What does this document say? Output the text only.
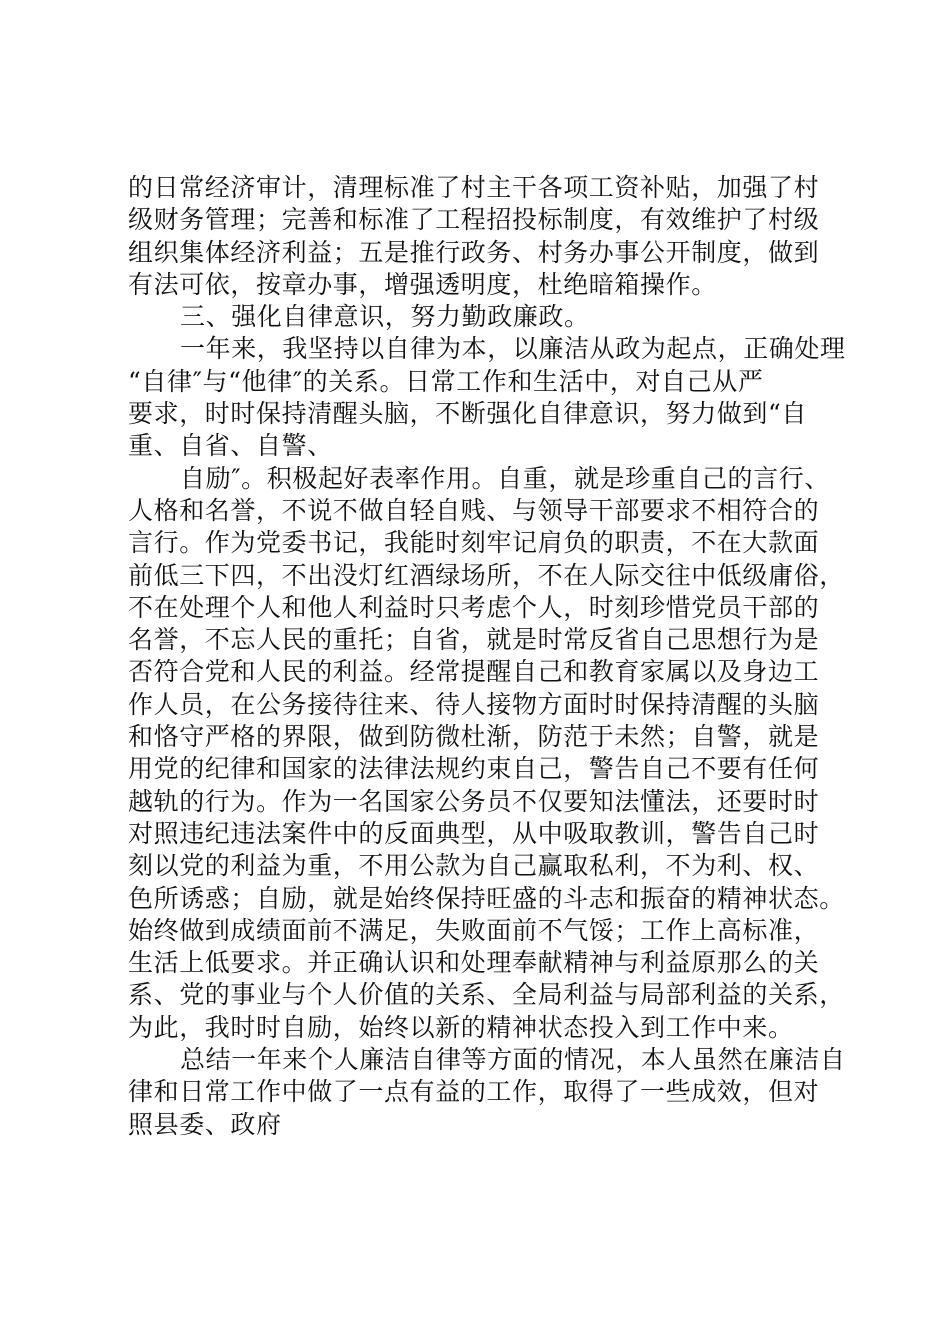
的日常经济审计，清理标准了村主干各项工资补贴，加强了村
级财务管理；完善和标准了工程招投标制度，有效维护了村级
组织集体经济利益；五是推行政务、村务办事公开制度，做到
有法可依，按章办事，增强透明度，杜绝暗箱操作。
三、强化自律意识，努力勤政廉政。
一年来，我坚持以自律为本，以廉洁从政为起点，正确处理
“自律″与“他律″的关系。日常工作和生活中，对自己从严
要求，时时保持清醒头脑，不断强化自律意识，努力做到“自
重、自省、自警、
自励″。积极起好表率作用。自重，就是珍重自己的言行、
人格和名誉，不说不做自轻自贱、与领导干部要求不相符合的
言行。作为党委书记，我能时刻牢记肩负的职责，不在大款面
前低三下四，不出没灯红酒绿场所，不在人际交往中低级庸俗，
不在处理个人和他人利益时只考虑个人，时刻珍惜党员干部的
名誉，不忘人民的重托；自省，就是时常反省自己思想行为是
否符合党和人民的利益。经常提醒自己和教育家属以及身边工
作人员，在公务接待往来、待人接物方面时时保持清醒的头脑
和恪守严格的界限，做到防微杜渐，防范于未然；自警，就是
用党的纪律和国家的法律法规约束自己，警告自己不要有任何
越轨的行为。作为一名国家公务员不仅要知法懂法，还要时时
对照违纪违法案件中的反面典型，从中吸取教训，警告自己时
刻以党的利益为重，不用公款为自己赢取私利，不为利、权、
色所诱惑；自励，就是始终保持旺盛的斗志和振奋的精神状态。
始终做到成绩面前不满足，失败面前不气馁；工作上高标准，
生活上低要求。并正确认识和处理奉献精神与利益原那么的关
系、党的事业与个人价值的关系、全局利益与局部利益的关系，
为此，我时时自励，始终以新的精神状态投入到工作中来。
总结一年来个人廉洁自律等方面的情况，本人虽然在廉洁自
律和日常工作中做了一点有益的工作，取得了一些成效，但对
照县委、政府
